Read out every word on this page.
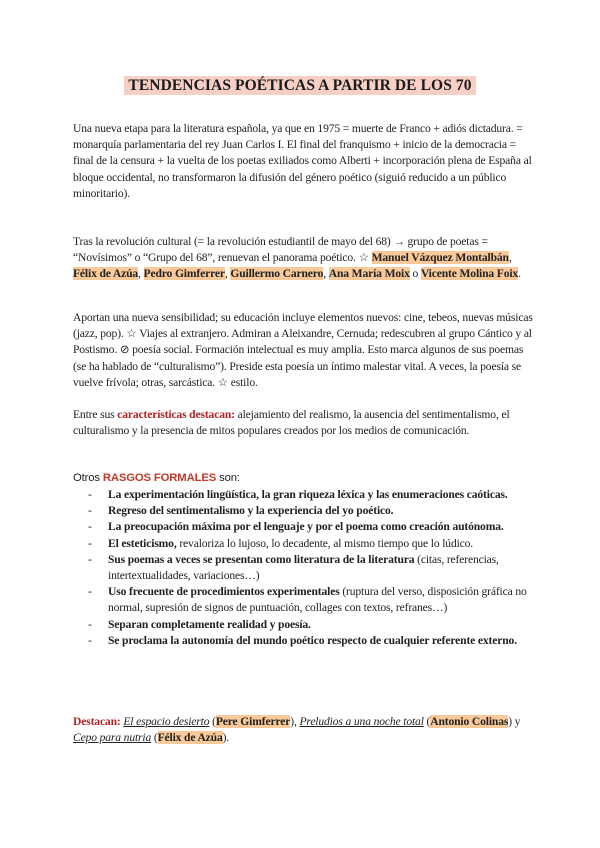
TENDENCIAS POÉTICAS A PARTIR DE LOS 70
Una nueva etapa para la literatura española, ya que en 1975 = muerte de Franco + adiós dictadura. = monarquía parlamentaria del rey Juan Carlos I. El final del franquismo + inicio de la democracia = final de la censura + la vuelta de los poetas exiliados como Alberti + incorporación plena de España al bloque occidental, no transformaron la difusión del género poético (siguió reducido a un público minoritario).
Tras la revolución cultural (= la revolución estudiantil de mayo del 68) → grupo de poetas = “Novísimos” o “Grupo del 68”, renuevan el panorama poético. ☆ Manuel Vázquez Montalbán, Félix de Azúa, Pedro Gimferrer, Guillermo Carnero, Ana María Moix o Vicente Molina Foix.
Aportan una nueva sensibilidad; su educación incluye elementos nuevos: cine, tebeos, nuevas músicas (jazz, pop). ☆ Viajes al extranjero. Admiran a Aleixandre, Cernuda; redescubren al grupo Cántico y al Postismo. ⊘ poesía social. Formación intelectual es muy amplia. Esto marca algunos de sus poemas (se ha hablado de “culturalismo”). Preside esta poesía un íntimo malestar vital. A veces, la poesía se vuelve frívola; otras, sarcástica. ☆ estilo.
Entre sus características destacan: alejamiento del realismo, la ausencia del sentimentalismo, el culturalismo y la presencia de mitos populares creados por los medios de comunicación.
Otros RASGOS FORMALES son:
- La experimentación lingüística, la gran riqueza léxica y las enumeraciones caóticas.
- Regreso del sentimentalismo y la experiencia del yo poético.
- La preocupación máxima por el lenguaje y por el poema como creación autónoma.
- El esteticismo, revaloriza lo lujoso, lo decadente, al mismo tiempo que lo lúdico.
- Sus poemas a veces se presentan como literatura de la literatura (citas, referencias, intertextualidades, variaciones…)
- Uso frecuente de procedimientos experimentales (ruptura del verso, disposición gráfica no normal, supresión de signos de puntuación, collages con textos, refranes…)
- Separan completamente realidad y poesía.
- Se proclama la autonomía del mundo poético respecto de cualquier referente externo.
Destacan: El espacio desierto (Pere Gimferrer), Preludios a una noche total (Antonio Colinas) y Cepo para nutria (Félix de Azúa).
